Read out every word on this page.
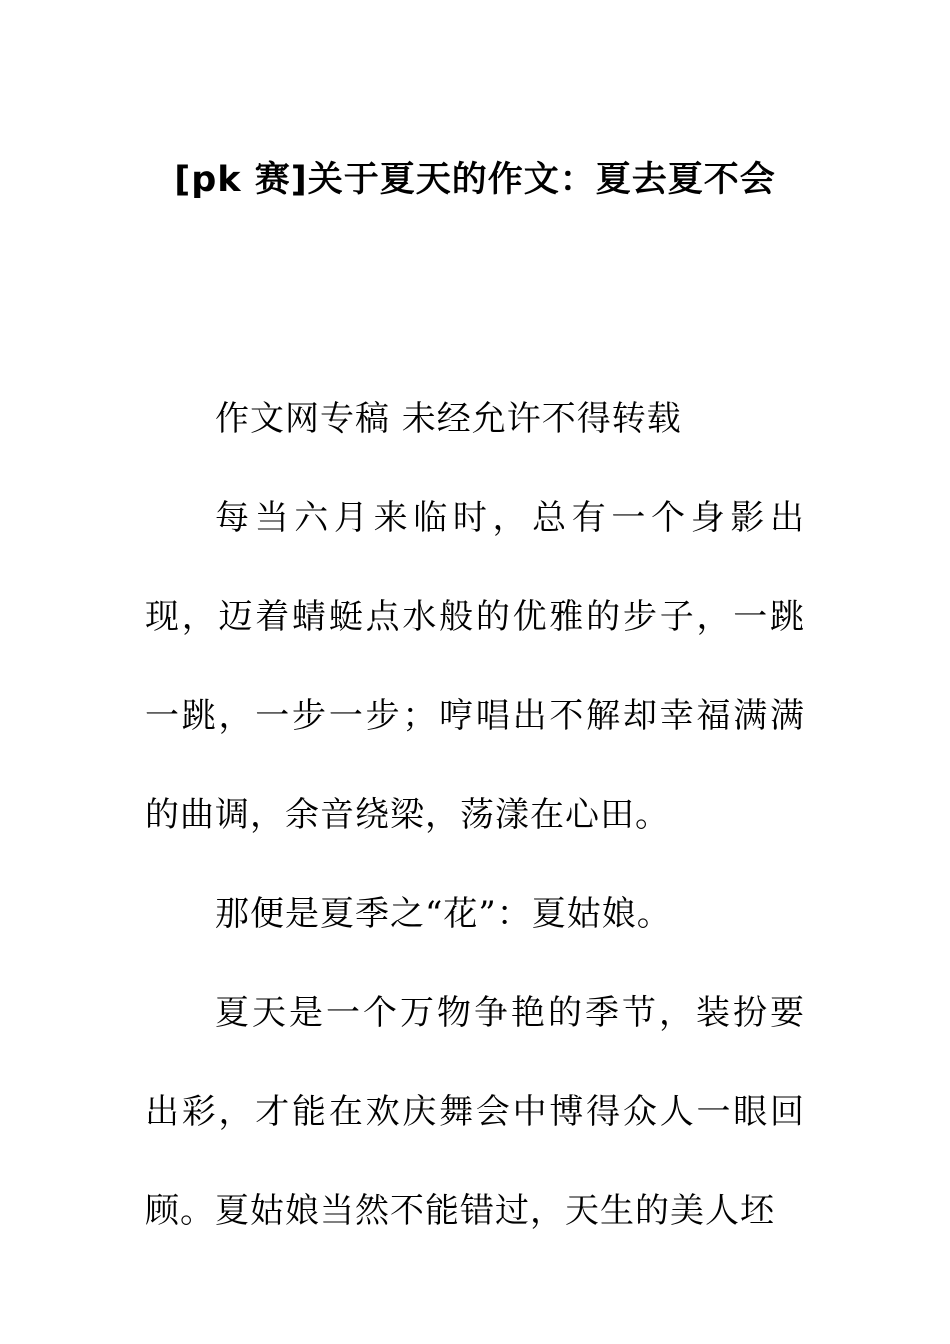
[pk 赛]关于夏天的作文：夏去夏不会

作文网专稿 未经允许不得转载

每当六月来临时，总有一个身影出现，迈着蜻蜓点水般的优雅的步子，一跳一跳，一步一步；哼唱出不解却幸福满满的曲调，余音绕梁，荡漾在心田。

那便是夏季之“花”：夏姑娘。

夏天是一个万物争艳的季节，装扮要出彩，才能在欢庆舞会中博得众人一眼回顾。夏姑娘当然不能错过，天生的美人坯
